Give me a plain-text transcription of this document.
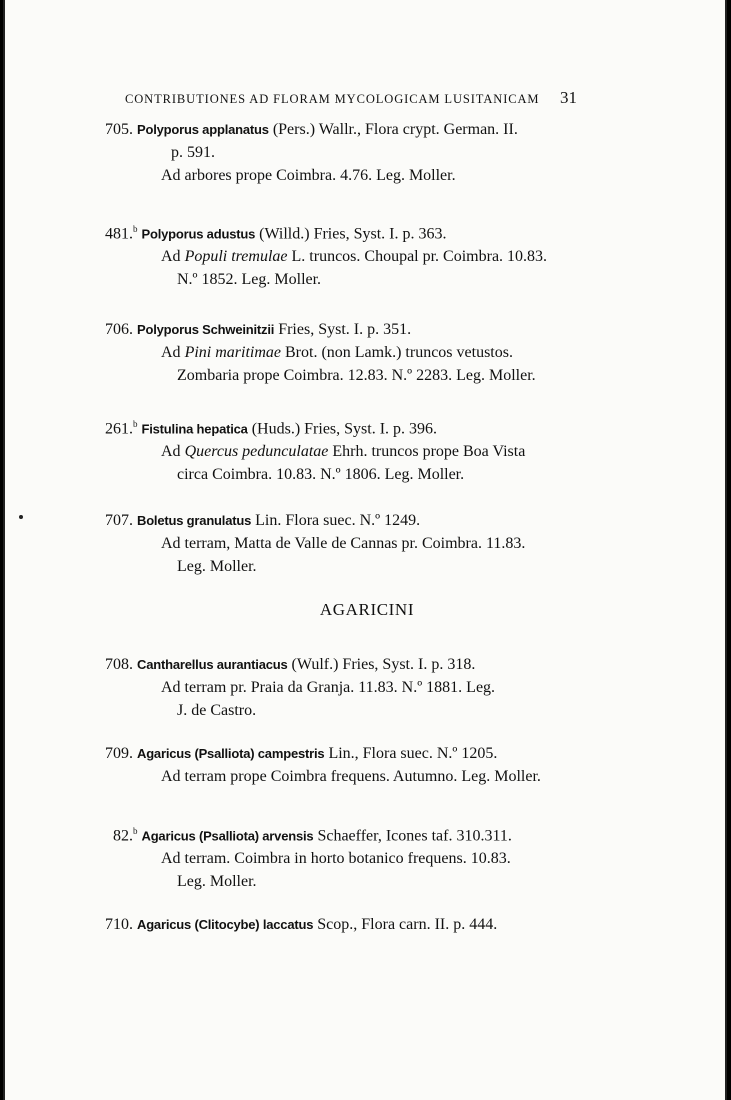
CONTRIBUTIONES AD FLORAM MYCOLOGICAM LUSITANICAM 31
705. Polyporus applanatus (Pers.) Wallr., Flora crypt. German. II.
p. 591.
Ad arbores prope Coimbra. 4.76. Leg. Moller.
481.$^b$ Polyporus adustus (Willd.) Fries, Syst. I. p. 363.
Ad Populi tremulae L. truncos. Choupal pr. Coimbra. 10.83.
N.º 1852. Leg. Moller.
706. Polyporus Schweinitzii Fries, Syst. I. p. 351.
Ad Pini maritimae Brot. (non Lamk.) truncos vetustos.
Zombaria prope Coimbra. 12.83. N.º 2283. Leg. Moller.
261.$^b$ Fistulina hepatica (Huds.) Fries, Syst. I. p. 396.
Ad Quercus pedunculatae Ehrh. truncos prope Boa Vista
circa Coimbra. 10.83. N.º 1806. Leg. Moller.
707. Boletus granulatus Lin. Flora suec. N.º 1249.
Ad terram, Matta de Valle de Cannas pr. Coimbra. 11.83.
Leg. Moller.
AGARICINI
708. Cantharellus aurantiacus (Wulf.) Fries, Syst. I. p. 318.
Ad terram pr. Praia da Granja. 11.83. N.º 1881. Leg.
J. de Castro.
709. Agaricus (Psalliota) campestris Lin., Flora suec. N.º 1205.
Ad terram prope Coimbra frequens. Autumno. Leg. Moller.
82.$^b$ Agaricus (Psalliota) arvensis Schaeffer, Icones taf. 310.311.
Ad terram. Coimbra in horto botanico frequens. 10.83.
Leg. Moller.
710. Agaricus (Clitocybe) laccatus Scop., Flora carn. II. p. 444.
